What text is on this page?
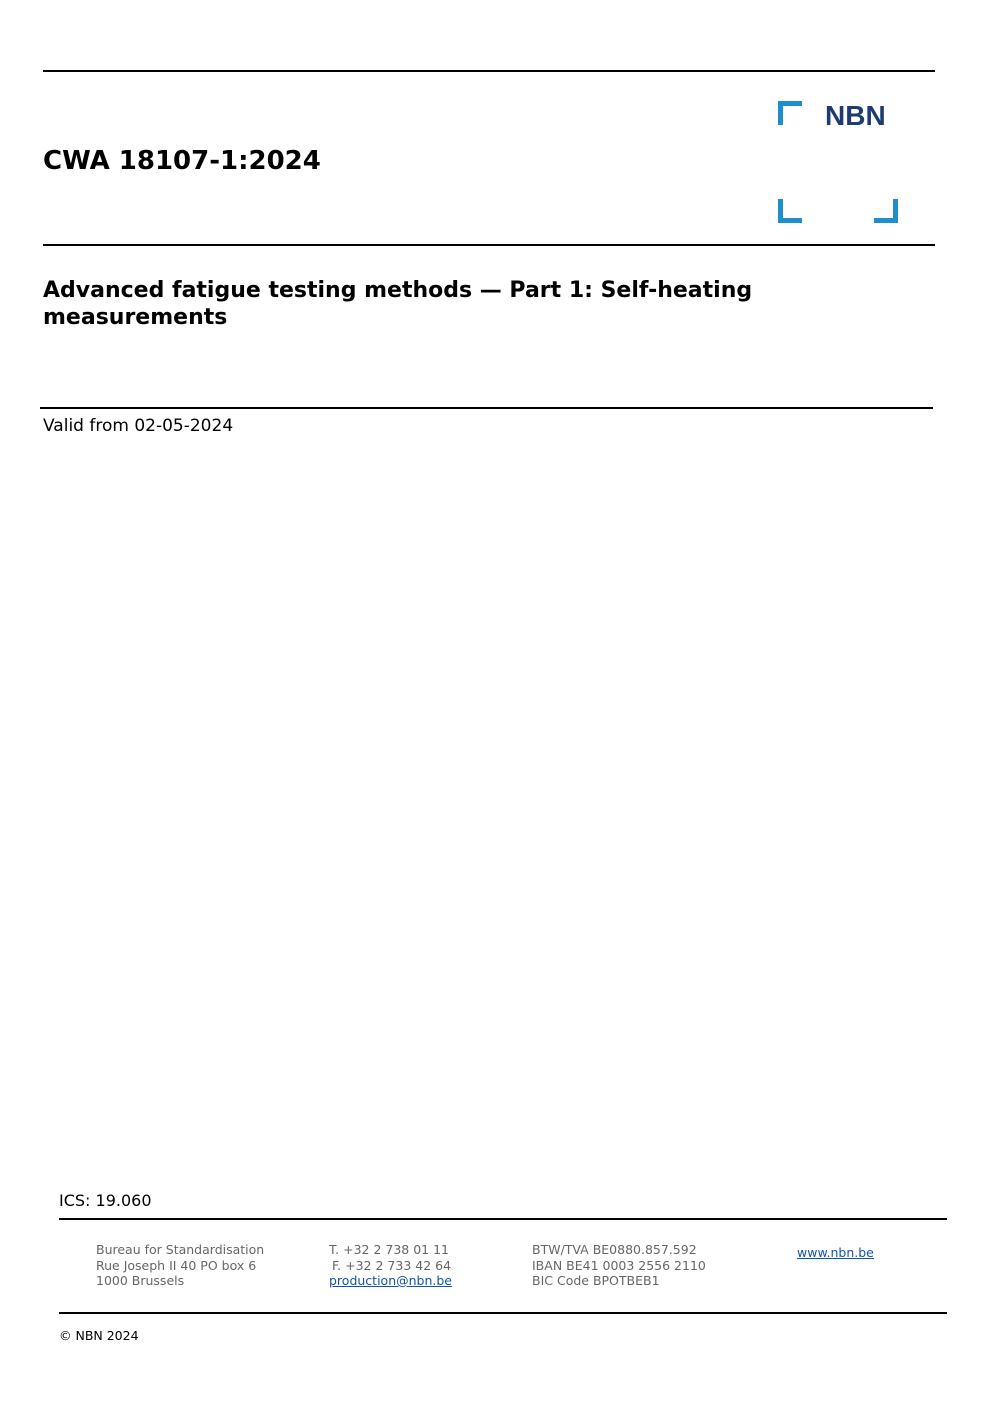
CWA 18107-1:2024
NBN
Advanced fatigue testing methods — Part 1: Self-heating measurements
Valid from 02-05-2024
ICS: 19.060
Bureau for Standardisation
Rue Joseph II 40 PO box 6
1000 Brussels
T. +32 2 738 01 11
F. +32 2 733 42 64
production@nbn.be
BTW/TVA BE0880.857.592
IBAN BE41 0003 2556 2110
BIC Code BPOTBEB1
www.nbn.be
© NBN 2024
